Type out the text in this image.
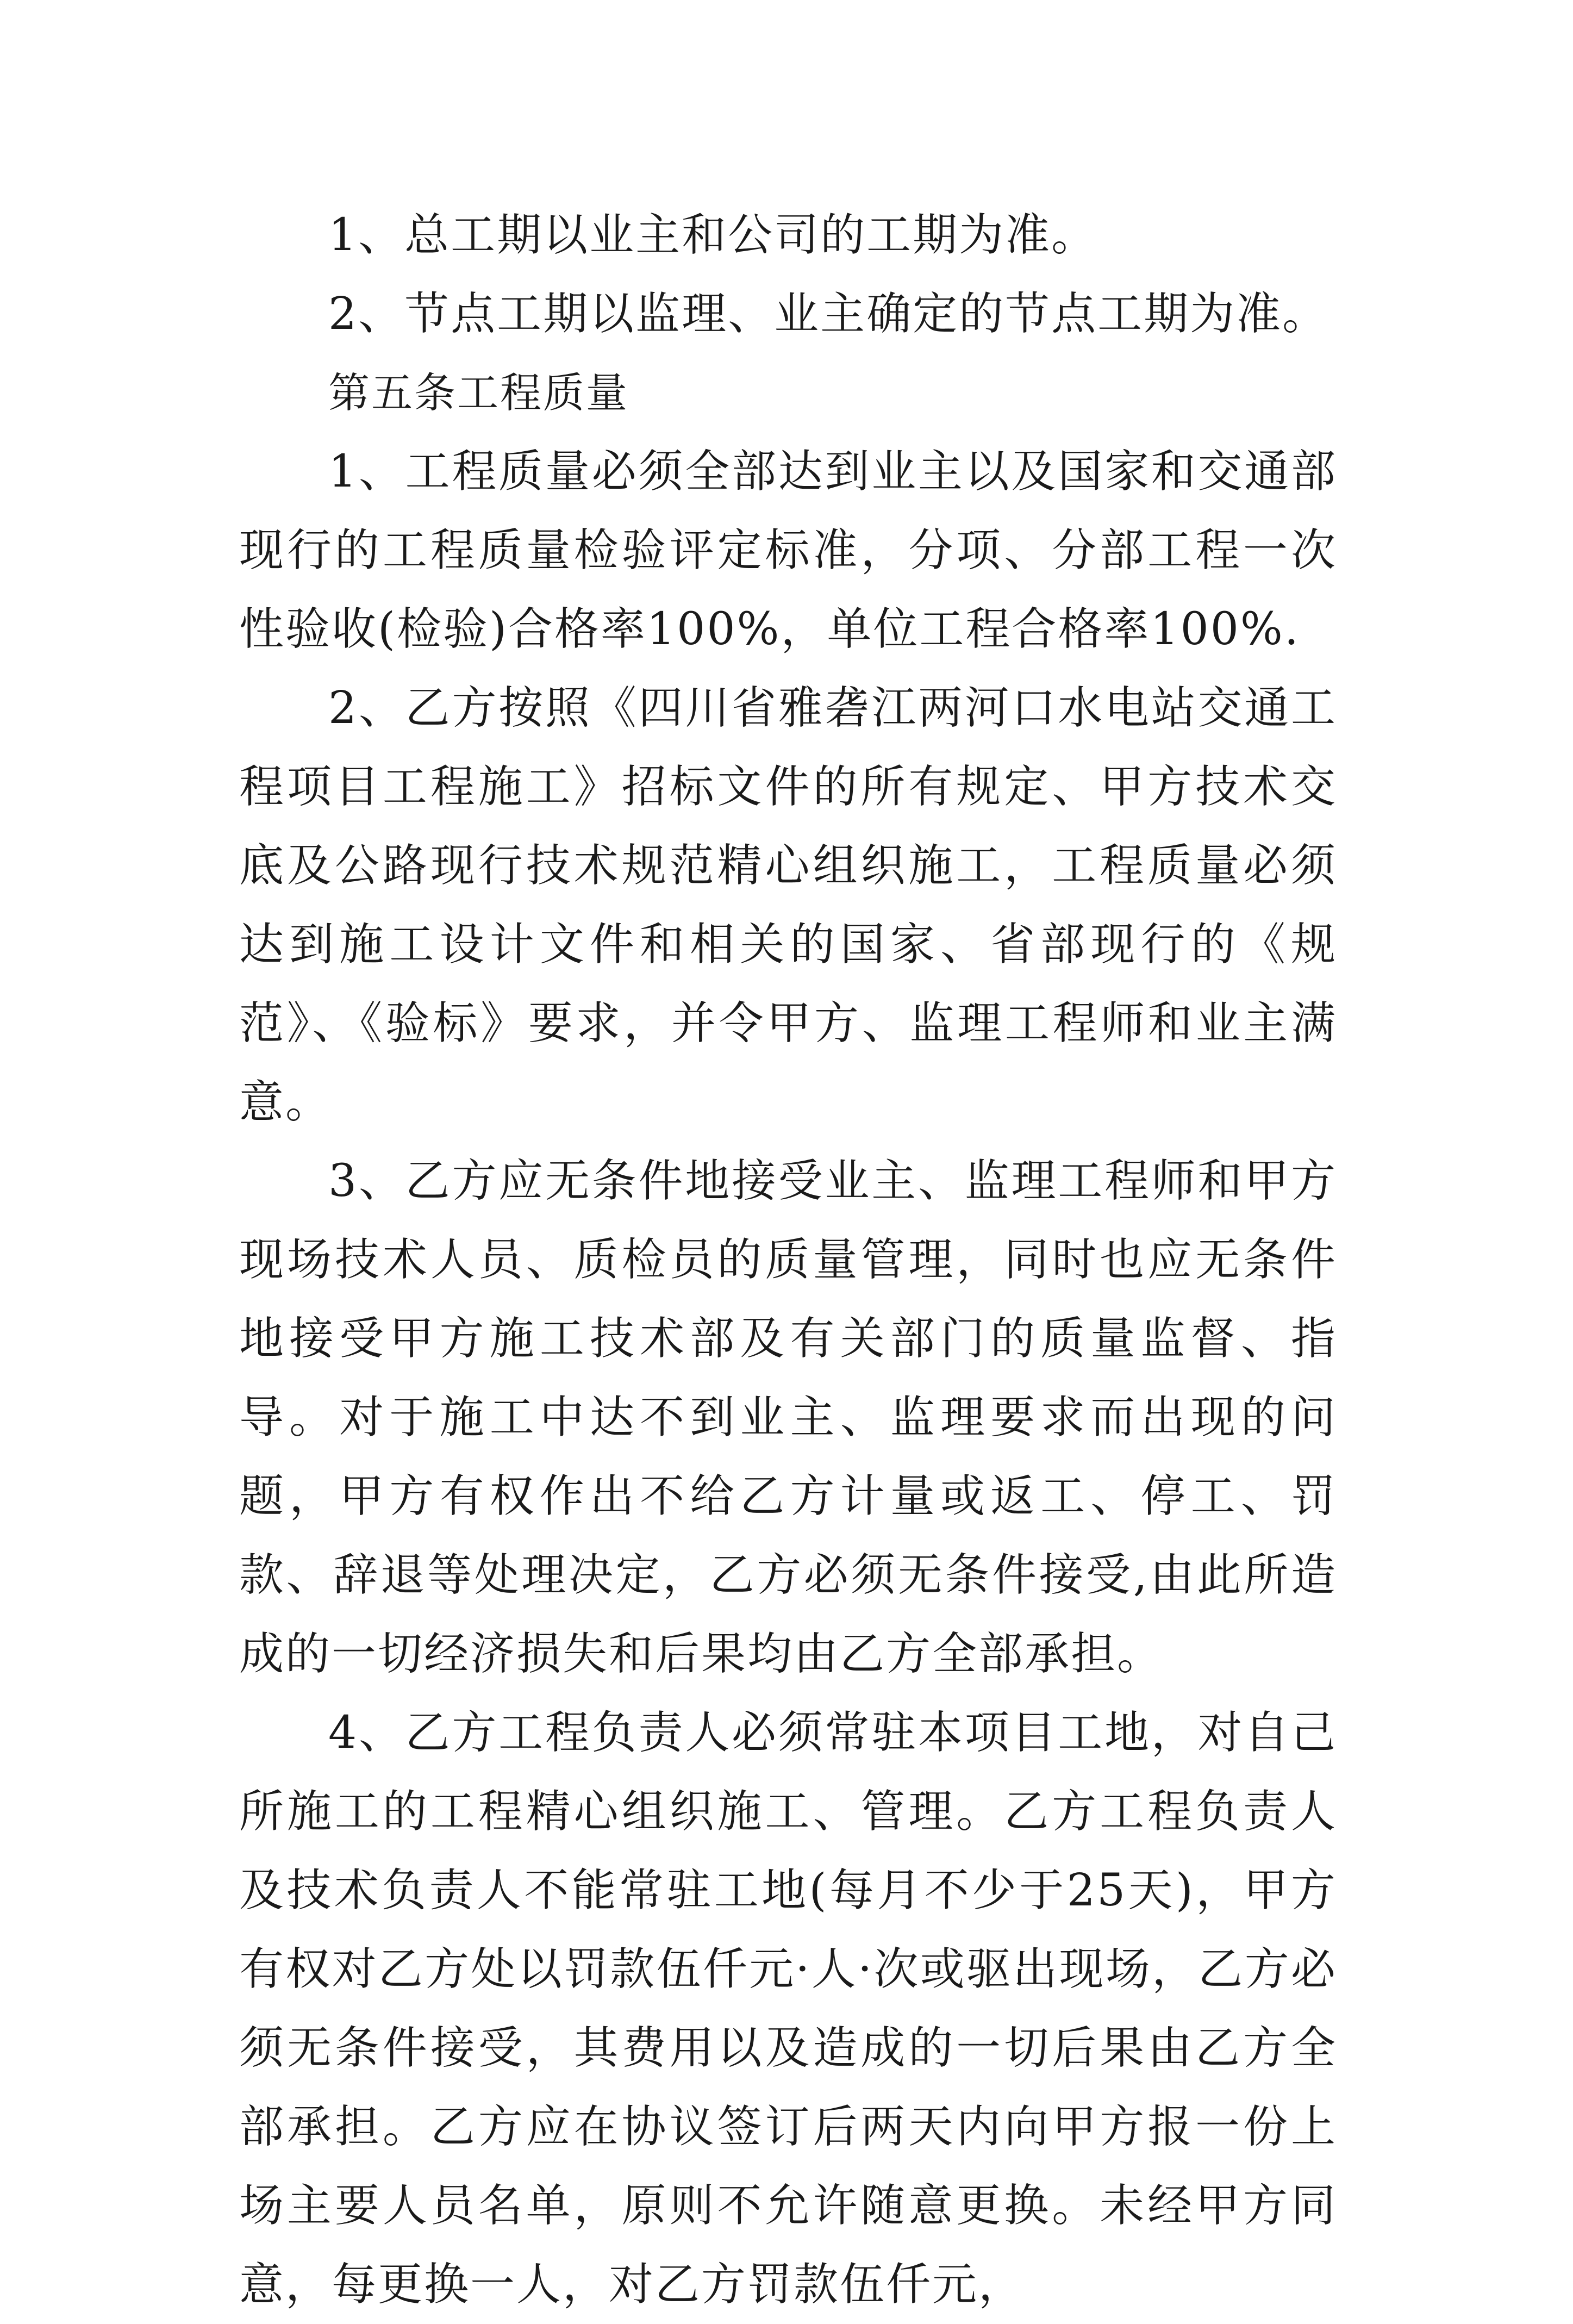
1、总工期以业主和公司的工期为准。

2、节点工期以监理、业主确定的节点工期为准。

第五条工程质量

1、工程质量必须全部达到业主以及国家和交通部现行的工程质量检验评定标准，分项、分部工程一次性验收(检验)合格率100%，单位工程合格率100%.

2、乙方按照《四川省雅砻江两河口水电站交通工程项目工程施工》招标文件的所有规定、甲方技术交底及公路现行技术规范精心组织施工，工程质量必须达到施工设计文件和相关的国家、省部现行的《规范》、《验标》要求，并令甲方、监理工程师和业主满意。

3、乙方应无条件地接受业主、监理工程师和甲方现场技术人员、质检员的质量管理，同时也应无条件地接受甲方施工技术部及有关部门的质量监督、指导。对于施工中达不到业主、监理要求而出现的问题，甲方有权作出不给乙方计量或返工、停工、罚款、辞退等处理决定，乙方必须无条件接受,由此所造成的一切经济损失和后果均由乙方全部承担。

4、乙方工程负责人必须常驻本项目工地，对自己所施工的工程精心组织施工、管理。乙方工程负责人及技术负责人不能常驻工地(每月不少于25天)，甲方有权对乙方处以罚款伍仟元·人·次或驱出现场，乙方必须无条件接受，其费用以及造成的一切后果由乙方全部承担。乙方应在协议签订后两天内向甲方报一份上场主要人员名单，原则不允许随意更换。未经甲方同意，每更换一人，对乙方罚款伍仟元，
